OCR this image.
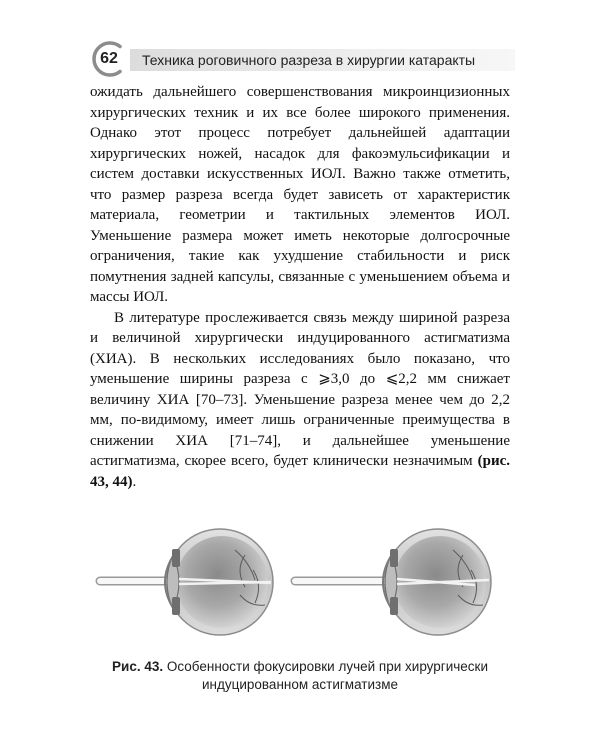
62	Техника роговичного разреза в хирургии катаракты

ожидать дальнейшего совершенствования микроинцизионных хирургических техник и их все более широкого применения. Однако этот процесс потребует дальнейшей адаптации хирургических ножей, насадок для факоэмульсификации и систем доставки искусственных ИОЛ. Важно также отметить, что размер разреза всегда будет зависеть от характеристик материала, геометрии и тактильных элементов ИОЛ. Уменьшение размера может иметь некоторые долгосрочные ограничения, такие как ухудшение стабильности и риск помутнения задней капсулы, связанные с уменьшением объема и массы ИОЛ.

В литературе прослеживается связь между шириной разреза и величиной хирургически индуцированного астигматизма (ХИА). В нескольких исследованиях было показано, что уменьшение ширины разреза с ⩾3,0 до ⩽2,2 мм снижает величину ХИА [70–73]. Уменьшение разреза менее чем до 2,2 мм, по-видимому, имеет лишь ограниченные преимущества в снижении ХИА [71–74], и дальнейшее уменьшение астигматизма, скорее всего, будет клинически незначимым (рис. 43, 44).

Рис. 43. Особенности фокусировки лучей при хирургически индуцированном астигматизме
